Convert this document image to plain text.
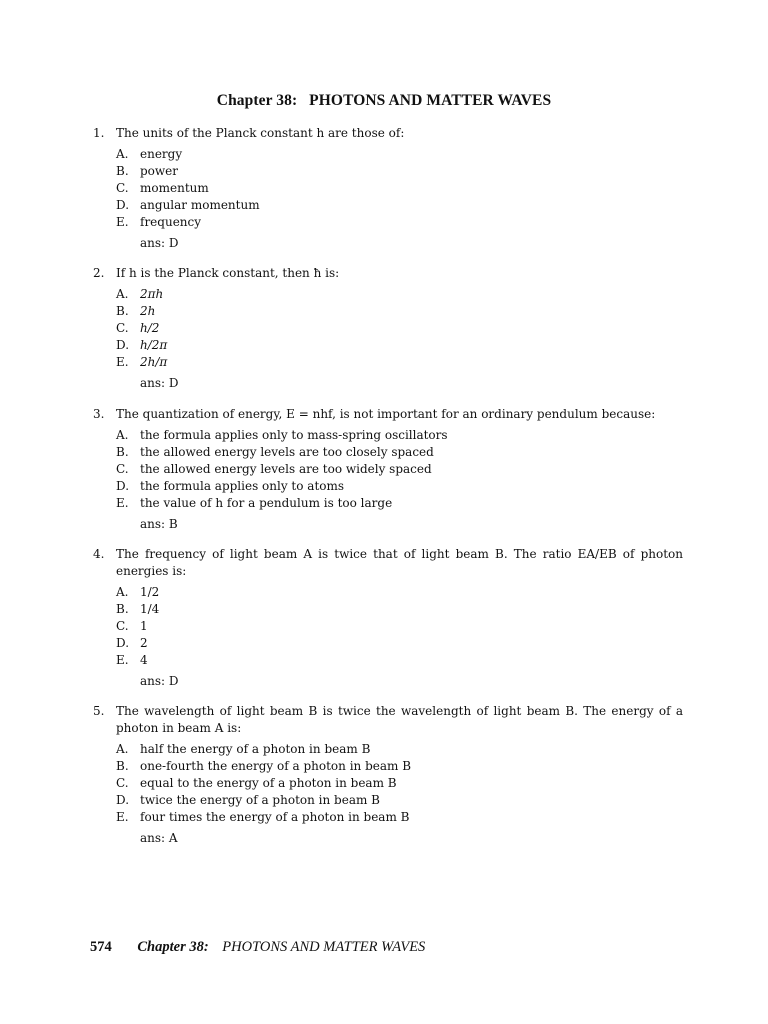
Chapter 38:   PHOTONS AND MATTER WAVES
1. The units of the Planck constant h are those of:
A. energy
B. power
C. momentum
D. angular momentum
E. frequency
ans: D
2. If h is the Planck constant, then ħ is:
A. 2πh
B. 2h
C. h/2
D. h/2π
E. 2h/π
ans: D
3. The quantization of energy, E = nhf, is not important for an ordinary pendulum because:
A. the formula applies only to mass-spring oscillators
B. the allowed energy levels are too closely spaced
C. the allowed energy levels are too widely spaced
D. the formula applies only to atoms
E. the value of h for a pendulum is too large
ans: B
4. The frequency of light beam A is twice that of light beam B. The ratio EA/EB of photon energies is:
A. 1/2
B. 1/4
C. 1
D. 2
E. 4
ans: D
5. The wavelength of light beam B is twice the wavelength of light beam B. The energy of a photon in beam A is:
A. half the energy of a photon in beam B
B. one-fourth the energy of a photon in beam B
C. equal to the energy of a photon in beam B
D. twice the energy of a photon in beam B
E. four times the energy of a photon in beam B
ans: A
574 Chapter 38: PHOTONS AND MATTER WAVES
